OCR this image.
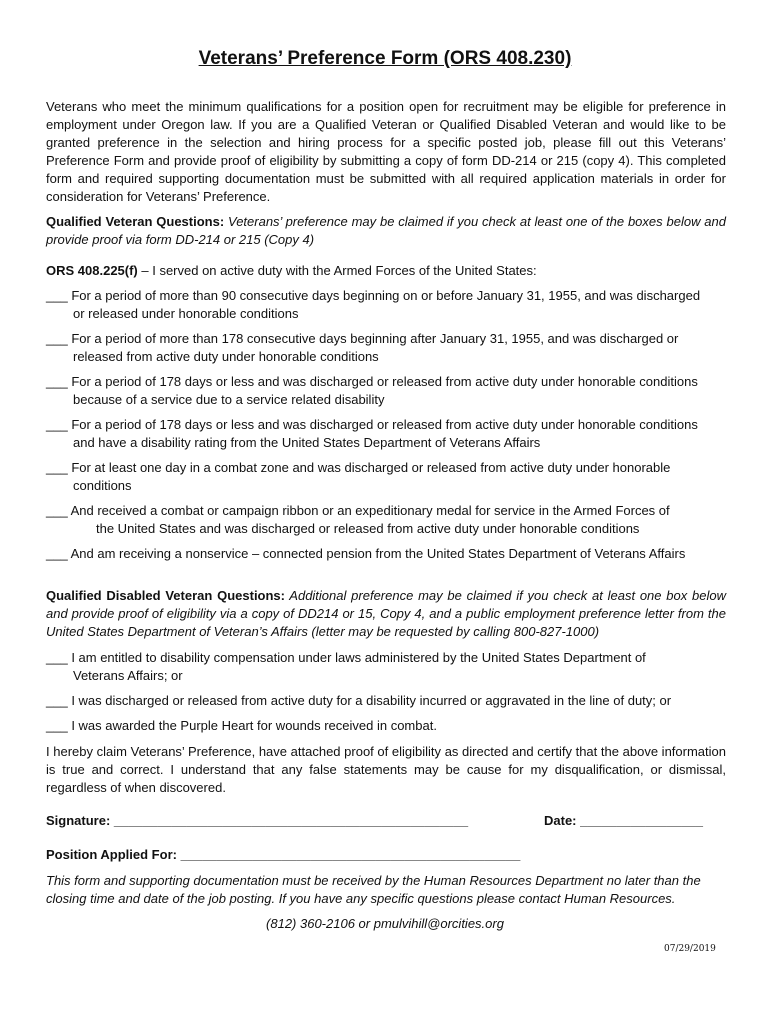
Veterans’ Preference Form (ORS 408.230)

Veterans who meet the minimum qualifications for a position open for recruitment may be eligible for preference in employment under Oregon law. If you are a Qualified Veteran or Qualified Disabled Veteran and would like to be granted preference in the selection and hiring process for a specific posted job, please fill out this Veterans’ Preference Form and provide proof of eligibility by submitting a copy of form DD-214 or 215 (copy 4). This completed form and required supporting documentation must be submitted with all required application materials in order for consideration for Veterans’ Preference.

Qualified Veteran Questions: Veterans’ preference may be claimed if you check at least one of the boxes below and provide proof via form DD-214 or 215 (Copy 4)

ORS 408.225(f) – I served on active duty with the Armed Forces of the United States:

___ For a period of more than 90 consecutive days beginning on or before January 31, 1955, and was discharged
or released under honorable conditions
___ For a period of more than 178 consecutive days beginning after January 31, 1955, and was discharged or
released from active duty under honorable conditions
___ For a period of 178 days or less and was discharged or released from active duty under honorable conditions
because of a service due to a service related disability
___ For a period of 178 days or less and was discharged or released from active duty under honorable conditions
and have a disability rating from the United States Department of Veterans Affairs
___ For at least one day in a combat zone and was discharged or released from active duty under honorable
conditions
___ And received a combat or campaign ribbon or an expeditionary medal for service in the Armed Forces of
the United States and was discharged or released from active duty under honorable conditions
___ And am receiving a nonservice – connected pension from the United States Department of Veterans Affairs

Qualified Disabled Veteran Questions: Additional preference may be claimed if you check at least one box below and provide proof of eligibility via a copy of DD214 or 15, Copy 4, and a public employment preference letter from the United States Department of Veteran’s Affairs (letter may be requested by calling 800-827-1000)

___ I am entitled to disability compensation under laws administered by the United States Department of
Veterans Affairs; or
___ I was discharged or released from active duty for a disability incurred or aggravated in the line of duty; or
___ I was awarded the Purple Heart for wounds received in combat.

I hereby claim Veterans’ Preference, have attached proof of eligibility as directed and certify that the above information is true and correct. I understand that any false statements may be cause for my disqualification, or dismissal, regardless of when discovered.

Signature: _________________________________________________	Date: _________________

Position Applied For: _______________________________________________

This form and supporting documentation must be received by the Human Resources Department no later than the closing time and date of the job posting. If you have any specific questions please contact Human Resources.

(812) 360-2106 or pmulvihill@orcities.org

07/29/2019
